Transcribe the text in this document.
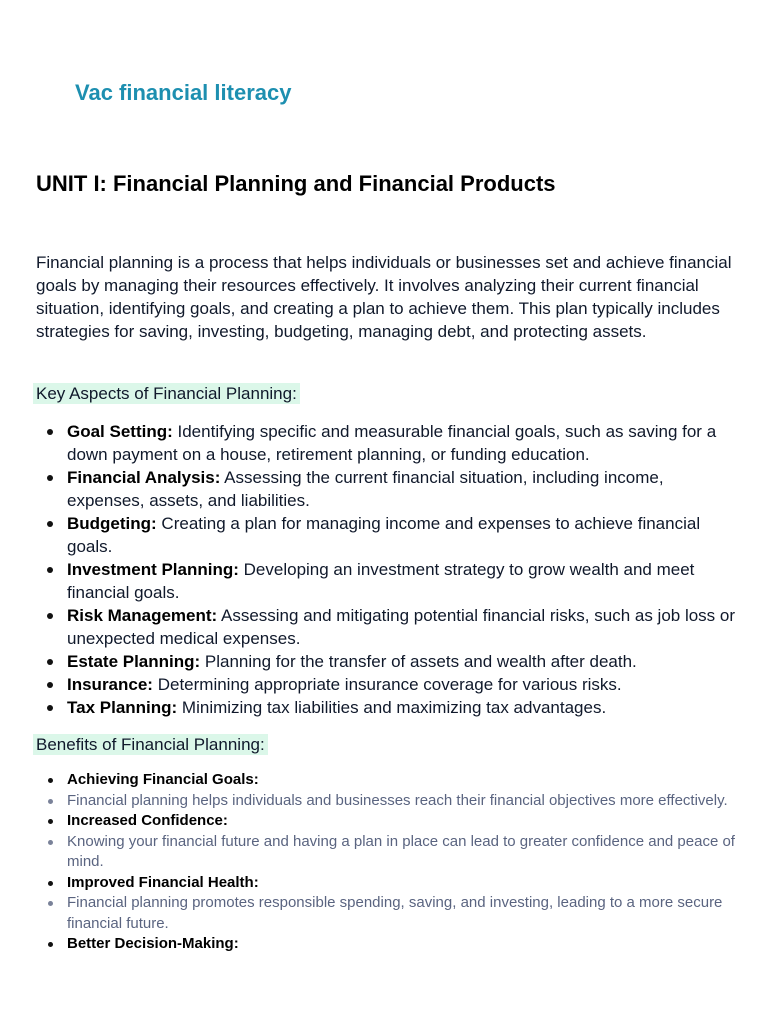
Vac financial literacy
UNIT I: Financial Planning and Financial Products

Financial planning is a process that helps individuals or businesses set and achieve financial goals by managing their resources effectively. It involves analyzing their current financial situation, identifying goals, and creating a plan to achieve them. This plan typically includes strategies for saving, investing, budgeting, managing debt, and protecting assets.

Key Aspects of Financial Planning:
Goal Setting: Identifying specific and measurable financial goals, such as saving for a down payment on a house, retirement planning, or funding education.
Financial Analysis: Assessing the current financial situation, including income, expenses, assets, and liabilities.
Budgeting: Creating a plan for managing income and expenses to achieve financial goals.
Investment Planning: Developing an investment strategy to grow wealth and meet financial goals.
Risk Management: Assessing and mitigating potential financial risks, such as job loss or unexpected medical expenses.
Estate Planning: Planning for the transfer of assets and wealth after death.
Insurance: Determining appropriate insurance coverage for various risks.
Tax Planning: Minimizing tax liabilities and maximizing tax advantages.
Benefits of Financial Planning:
Achieving Financial Goals:
Financial planning helps individuals and businesses reach their financial objectives more effectively.
Increased Confidence:
Knowing your financial future and having a plan in place can lead to greater confidence and peace of mind.
Improved Financial Health:
Financial planning promotes responsible spending, saving, and investing, leading to a more secure financial future.
Better Decision-Making:
